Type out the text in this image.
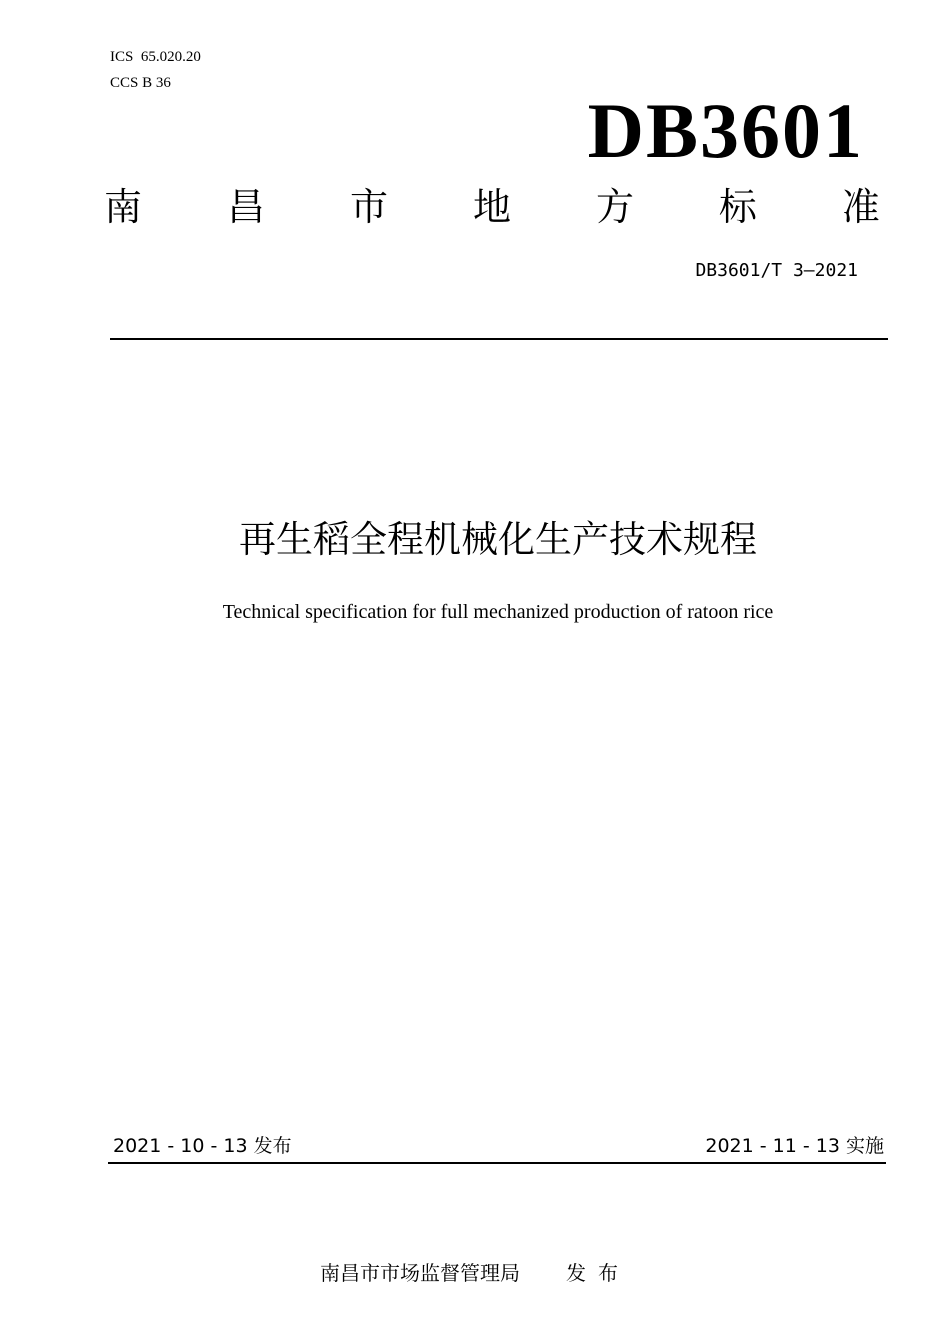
ICS  65.020.20
CCS B 36
DB3601
南 昌 市 地 方 标 准
DB3601/T 3—2021
再生稻全程机械化生产技术规程
Technical specification for full mechanized production of ratoon rice
2021 - 10 - 13 发布	2021 - 11 - 13 实施
南昌市市场监督管理局 发布
